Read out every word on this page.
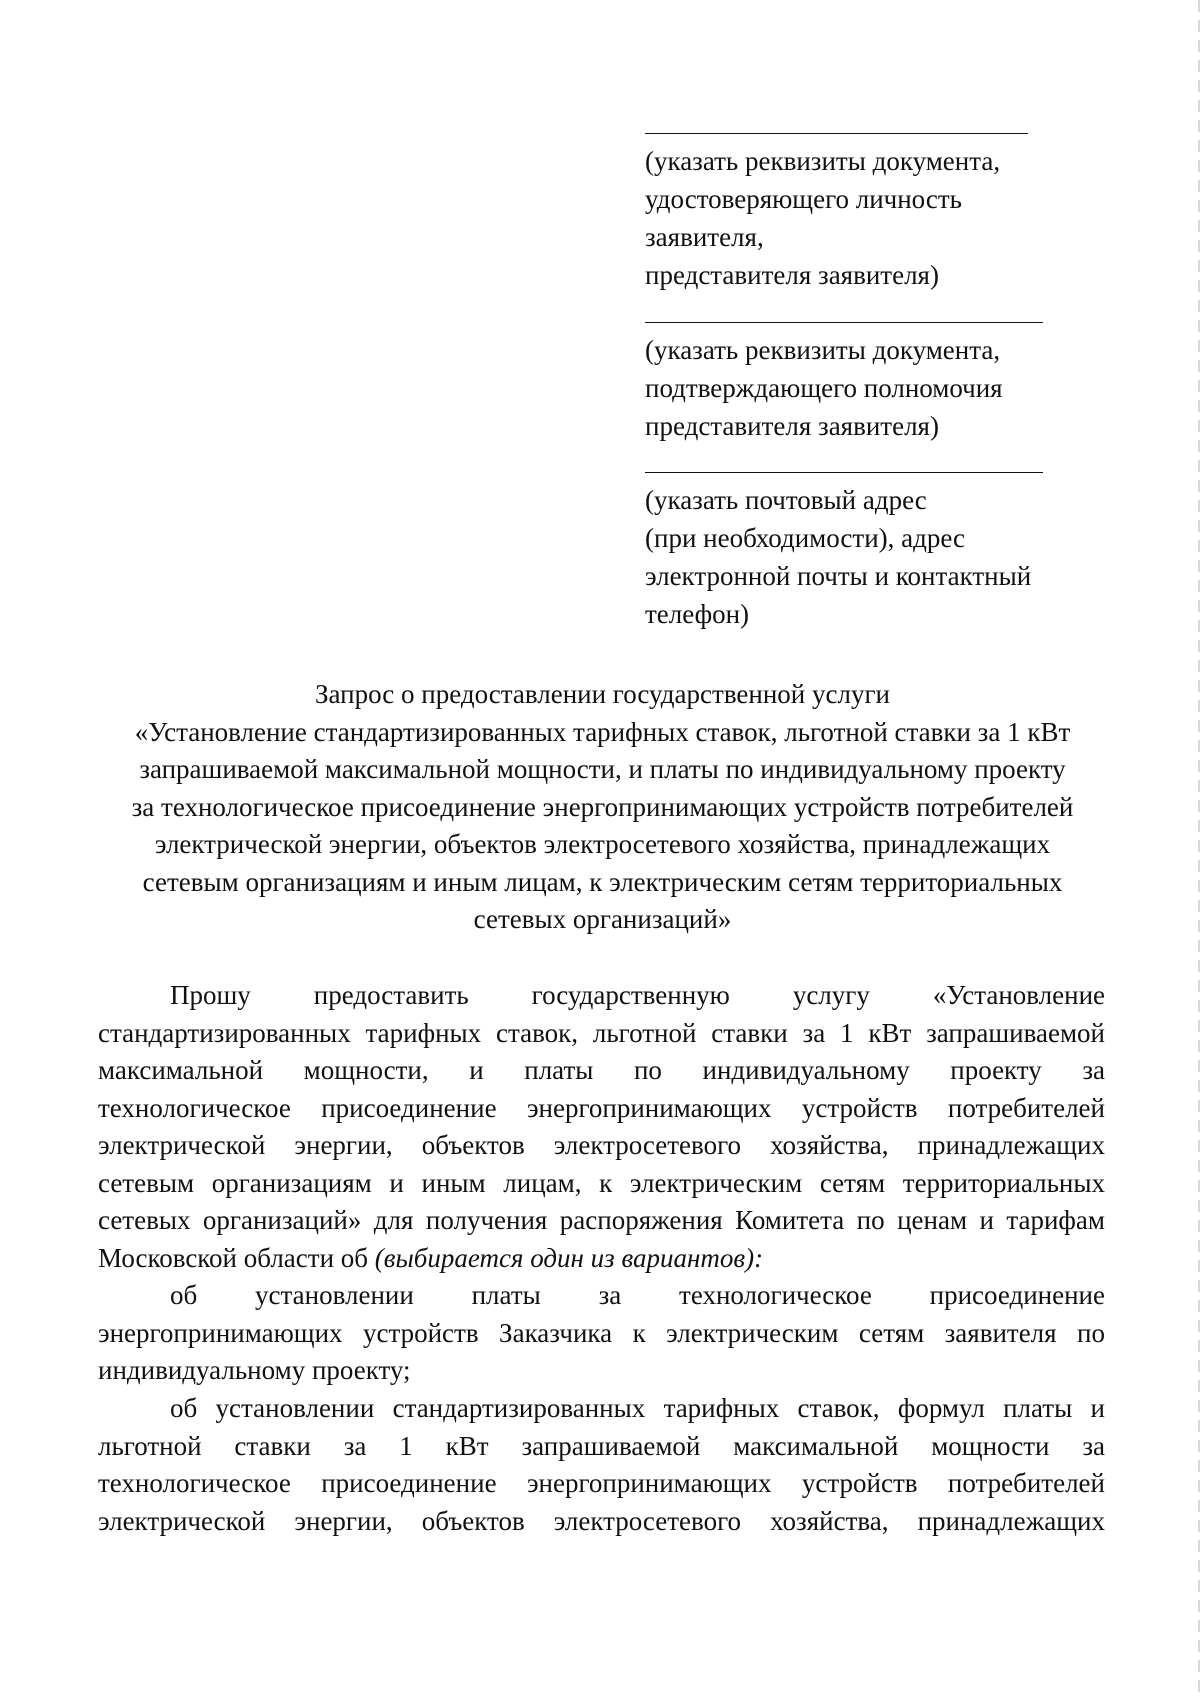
(указать реквизиты документа,
удостоверяющего личность
заявителя,
представителя заявителя)
(указать реквизиты документа,
подтверждающего полномочия
представителя заявителя)
(указать почтовый адрес
(при необходимости), адрес
электронной почты и контактный
телефон)
Запрос о предоставлении государственной услуги
«Установление стандартизированных тарифных ставок, льготной ставки за 1 кВт
запрашиваемой максимальной мощности, и платы по индивидуальному проекту
за технологическое присоединение энергопринимающих устройств потребителей
электрической энергии, объектов электросетевого хозяйства, принадлежащих
сетевым организациям и иным лицам, к электрическим сетям территориальных
сетевых организаций»
Прошу предоставить государственную услугу «Установление
стандартизированных тарифных ставок, льготной ставки за 1 кВт запрашиваемой
максимальной мощности, и платы по индивидуальному проекту за
технологическое присоединение энергопринимающих устройств потребителей
электрической энергии, объектов электросетевого хозяйства, принадлежащих
сетевым организациям и иным лицам, к электрическим сетям территориальных
сетевых организаций» для получения распоряжения Комитета по ценам и тарифам
Московской области об (выбирается один из вариантов):
об установлении платы за технологическое присоединение
энергопринимающих устройств Заказчика к электрическим сетям заявителя по
индивидуальному проекту;
об установлении стандартизированных тарифных ставок, формул платы и
льготной ставки за 1 кВт запрашиваемой максимальной мощности за
технологическое присоединение энергопринимающих устройств потребителей
электрической энергии, объектов электросетевого хозяйства, принадлежащих
